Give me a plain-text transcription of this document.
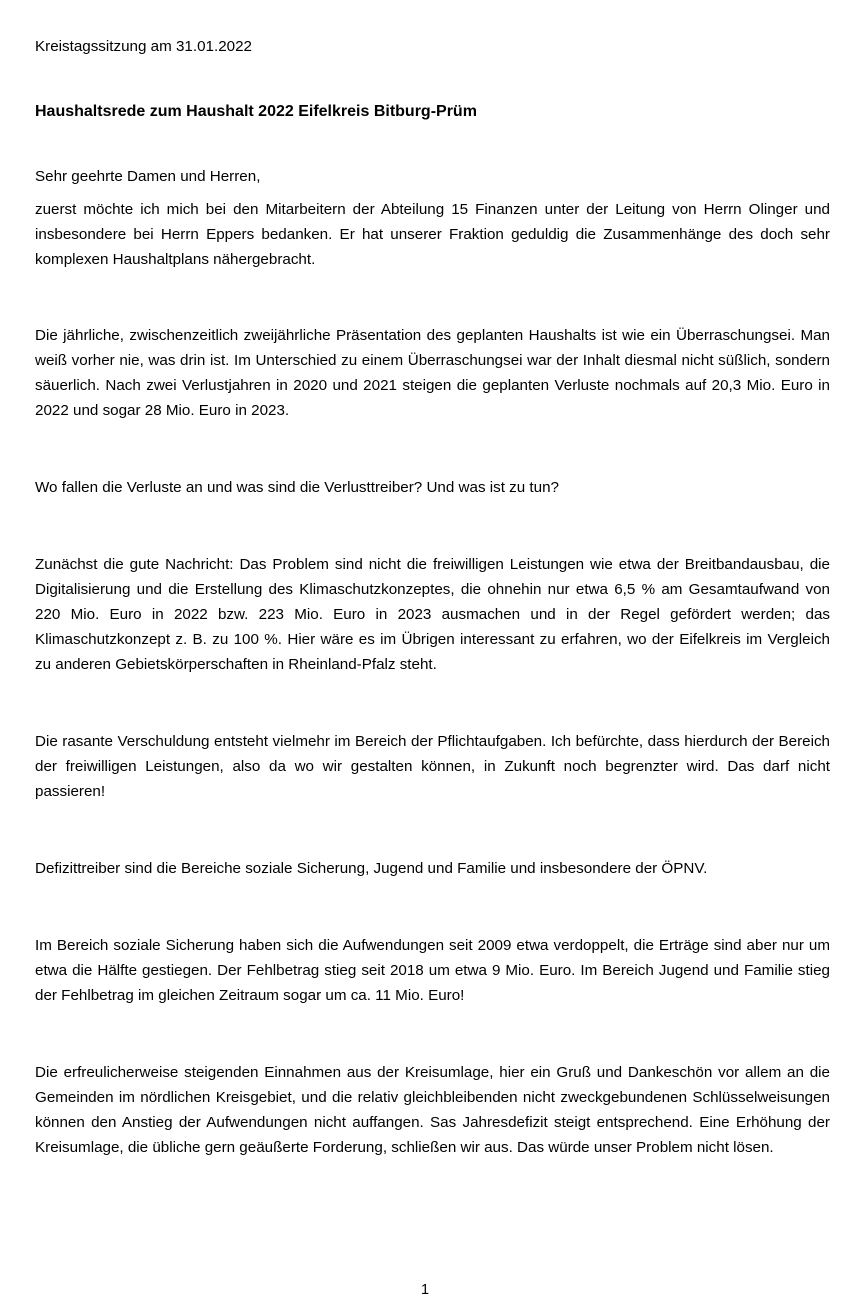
Kreistagssitzung am 31.01.2022

Haushaltsrede zum Haushalt 2022 Eifelkreis Bitburg-Prüm

Sehr geehrte Damen und Herren,

zuerst möchte ich mich bei den Mitarbeitern der Abteilung 15 Finanzen unter der Leitung von Herrn Olinger und insbesondere bei Herrn Eppers bedanken. Er hat unserer Fraktion geduldig die Zusammenhänge des doch sehr komplexen Haushaltplans nähergebracht.

Die jährliche, zwischenzeitlich zweijährliche Präsentation des geplanten Haushalts ist wie ein Überraschungsei. Man weiß vorher nie, was drin ist. Im Unterschied zu einem Überraschungsei war der Inhalt diesmal nicht süßlich, sondern säuerlich. Nach zwei Verlustjahren in 2020 und 2021 steigen die geplanten Verluste nochmals auf 20,3 Mio. Euro in 2022 und sogar 28 Mio. Euro in 2023.

Wo fallen die Verluste an und was sind die Verlusttreiber? Und was ist zu tun?

Zunächst die gute Nachricht: Das Problem sind nicht die freiwilligen Leistungen wie etwa der Breitbandausbau, die Digitalisierung und die Erstellung des Klimaschutzkonzeptes, die ohnehin nur etwa 6,5 % am Gesamtaufwand von 220 Mio. Euro in 2022 bzw. 223 Mio. Euro in 2023 ausmachen und in der Regel gefördert werden; das Klimaschutzkonzept z. B. zu 100 %. Hier wäre es im Übrigen interessant zu erfahren, wo der Eifelkreis im Vergleich zu anderen Gebietskörperschaften in Rheinland-Pfalz steht.

Die rasante Verschuldung entsteht vielmehr im Bereich der Pflichtaufgaben. Ich befürchte, dass hierdurch der Bereich der freiwilligen Leistungen, also da wo wir gestalten können, in Zukunft noch begrenzter wird. Das darf nicht passieren!

Defizittreiber sind die Bereiche soziale Sicherung, Jugend und Familie und insbesondere der ÖPNV.

Im Bereich soziale Sicherung haben sich die Aufwendungen seit 2009 etwa verdoppelt, die Erträge sind aber nur um etwa die Hälfte gestiegen. Der Fehlbetrag stieg seit 2018 um etwa 9 Mio. Euro. Im Bereich Jugend und Familie stieg der Fehlbetrag im gleichen Zeitraum sogar um ca. 11 Mio. Euro!

Die erfreulicherweise steigenden Einnahmen aus der Kreisumlage, hier ein Gruß und Dankeschön vor allem an die Gemeinden im nördlichen Kreisgebiet, und die relativ gleichbleibenden nicht zweckgebundenen Schlüsselweisungen können den Anstieg der Aufwendungen nicht auffangen. Sas Jahresdefizit steigt entsprechend. Eine Erhöhung der Kreisumlage, die übliche gern geäußerte Forderung, schließen wir aus. Das würde unser Problem nicht lösen.

1
